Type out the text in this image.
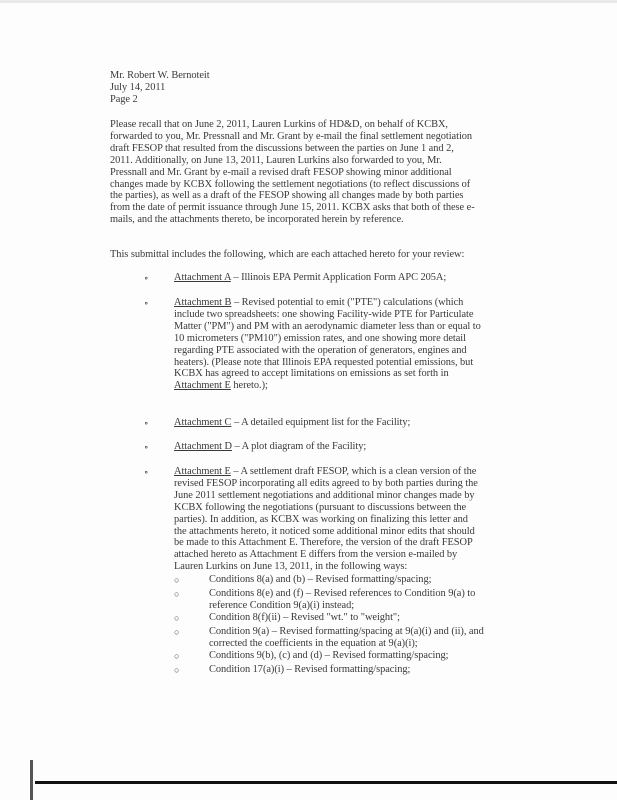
Mr. Robert W. Bernoteit
July 14, 2011
Page 2
Please recall that on June 2, 2011, Lauren Lurkins of HD&D, on behalf of KCBX,
forwarded to you, Mr. Pressnall and Mr. Grant by e-mail the final settlement negotiation
draft FESOP that resulted from the discussions between the parties on June 1 and 2,
2011. Additionally, on June 13, 2011, Lauren Lurkins also forwarded to you, Mr.
Pressnall and Mr. Grant by e-mail a revised draft FESOP showing minor additional
changes made by KCBX following the settlement negotiations (to reflect discussions of
the parties), as well as a draft of the FESOP showing all changes made by both parties
from the date of permit issuance through June 15, 2011. KCBX asks that both of these e-
mails, and the attachments thereto, be incorporated herein by reference.
This submittal includes the following, which are each attached hereto for your review:
∘ Attachment A – Illinois EPA Permit Application Form APC 205A;
∘ Attachment B – Revised potential to emit ("PTE") calculations (which
include two spreadsheets: one showing Facility-wide PTE for Particulate
Matter ("PM") and PM with an aerodynamic diameter less than or equal to
10 micrometers ("PM10") emission rates, and one showing more detail
regarding PTE associated with the operation of generators, engines and
heaters). (Please note that Illinois EPA requested potential emissions, but
KCBX has agreed to accept limitations on emissions as set forth in
Attachment E hereto.);
∘ Attachment C – A detailed equipment list for the Facility;
∘ Attachment D – A plot diagram of the Facility;
∘ Attachment E – A settlement draft FESOP, which is a clean version of the
revised FESOP incorporating all edits agreed to by both parties during the
June 2011 settlement negotiations and additional minor changes made by
KCBX following the negotiations (pursuant to discussions between the
parties). In addition, as KCBX was working on finalizing this letter and
the attachments hereto, it noticed some additional minor edits that should
be made to this Attachment E. Therefore, the version of the draft FESOP
attached hereto as Attachment E differs from the version e-mailed by
Lauren Lurkins on June 13, 2011, in the following ways:
○	Conditions 8(a) and (b) – Revised formatting/spacing;
○	Conditions 8(e) and (f) – Revised references to Condition 9(a) to
reference Condition 9(a)(i) instead;
○	Condition 8(f)(ii) – Revised "wt." to "weight";
○	Condition 9(a) – Revised formatting/spacing at 9(a)(i) and (ii), and
corrected the coefficients in the equation at 9(a)(i);
○	Conditions 9(b), (c) and (d) – Revised formatting/spacing;
○	Condition 17(a)(i) – Revised formatting/spacing;
